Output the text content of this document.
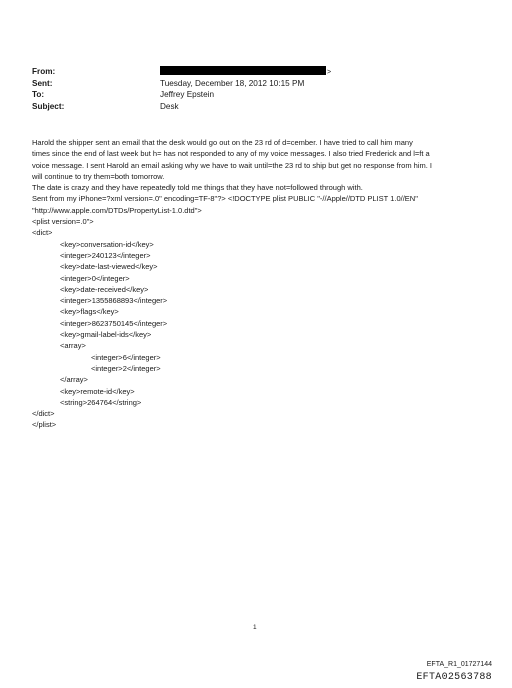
From:	>
Sent:	Tuesday, December 18, 2012 10:15 PM
To:	Jeffrey Epstein
Subject:	Desk

Harold the shipper sent an email that the desk would go out on the 23 rd of d=cember. I have tried to call him many

times since the end of last week but h= has not responded to any of my voice messages. I also tried Frederick and l=ft a

voice message. I sent Harold an email asking why we have to wait until=the 23 rd to ship but get no response from him. I

will continue to try them=both tomorrow.

The date is crazy and they have repeatedly told me things that they have not=followed through with.

Sent from my iPhone=?xml version=.0" encoding=TF-8"?> <!DOCTYPE plist PUBLIC "-//Apple//DTD PLIST 1.0//EN"

"http://www.apple.com/DTDs/PropertyList-1.0.dtd">

<plist version=.0">

<dict>

<key>conversation-id</key>

<integer>240123</integer>

<key>date-last-viewed</key>

<integer>0</integer>

<key>date-received</key>

<integer>1355868893</integer>

<key>flags</key>

<integer>8623750145</integer>

<key>gmail-label-ids</key>

<array>

<integer>6</integer>

<integer>2</integer>

</array>

<key>remote-id</key>

<string>264764</string>

</dict>

</plist>

1
EFTA_R1_01727144
EFTA02563788
